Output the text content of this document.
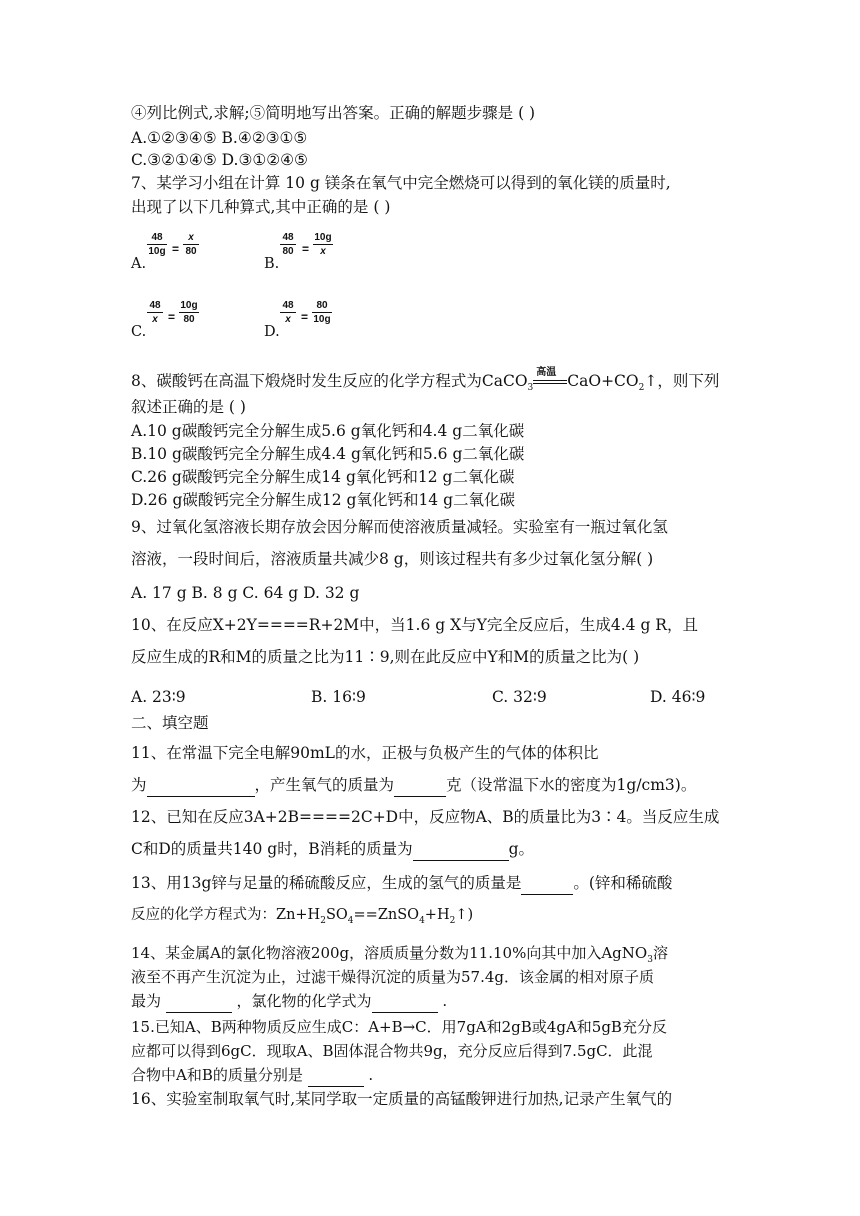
④列比例式,求解;⑤简明地写出答案。正确的解题步骤是 ( )
A.①②③④⑤ B.④②③①⑤
C.③②①④⑤ D.③①②④⑤
7、某学习小组在计算 10 g 镁条在氧气中完全燃烧可以得到的氧化镁的质量时,
出现了以下几种算式,其中正确的是 ( )
A.
48
10g =
x
80
B.
48
80 =
10g
x
C.
48
x =
10g
80
D.
48
x =
80
10g
8、碳酸钙在高温下煅烧时发生反应的化学方程式为CaCO$_3$
高温 $CaO+CO_2↑$，则下列
叙述正确的是 ( )
A.10 g碳酸钙完全分解生成5.6 g氧化钙和4.4 g二氧化碳
B.10 g碳酸钙完全分解生成4.4 g氧化钙和5.6 g二氧化碳
C.26 g碳酸钙完全分解生成14 g氧化钙和12 g二氧化碳
D.26 g碳酸钙完全分解生成12 g氧化钙和14 g二氧化碳
9、过氧化氢溶液长期存放会因分解而使溶液质量减轻。实验室有一瓶过氧化氢
溶液，一段时间后，溶液质量共减少8 g，则该过程共有多少过氧化氢分解( )
A. 17 g B. 8 g C. 64 g D. 32 g
10、在反应X+2Y====R+2M中，当1.6 g X与Y完全反应后，生成4.4 g R，且
反应生成的R和M的质量之比为11∶9,则在此反应中Y和M的质量之比为( )
A. 23∶9	B. 16∶9	C. 32∶9	D. 46∶9
二、填空题
11、在常温下完全电解90mL的水，正极与负极产生的气体的体积比
为	，产生氧气的质量为	克（设常温下水的密度为1g/cm3)。
12、已知在反应3A+2B====2C+D中，反应物A、B的质量比为3∶4。当反应生成
C和D的质量共140 g时，B消耗的质量为	g。
13、用13g锌与足量的稀硫酸反应，生成的氢气的质量是	。(锌和稀硫酸
反应的化学方程式为：$Zn+H_2SO_4==ZnSO_4+H_2↑$)
14、某金属A的氯化物溶液200g，溶质质量分数为11.10%向其中加入AgNO$_3$溶
液至不再产生沉淀为止，过滤干燥得沉淀的质量为57.4g．该金属的相对原子质
最为	，氯化物的化学式为	.
15.已知A、B两种物质反应生成C：A+B→C．用7gA和2gB或4gA和5gB充分反
应都可以得到6gC．现取A、B固体混合物共9g，充分反应后得到7.5gC．此混
合物中A和B的质量分别是	.
16、实验室制取氧气时,某同学取一定质量的高锰酸钾进行加热,记录产生氧气的
